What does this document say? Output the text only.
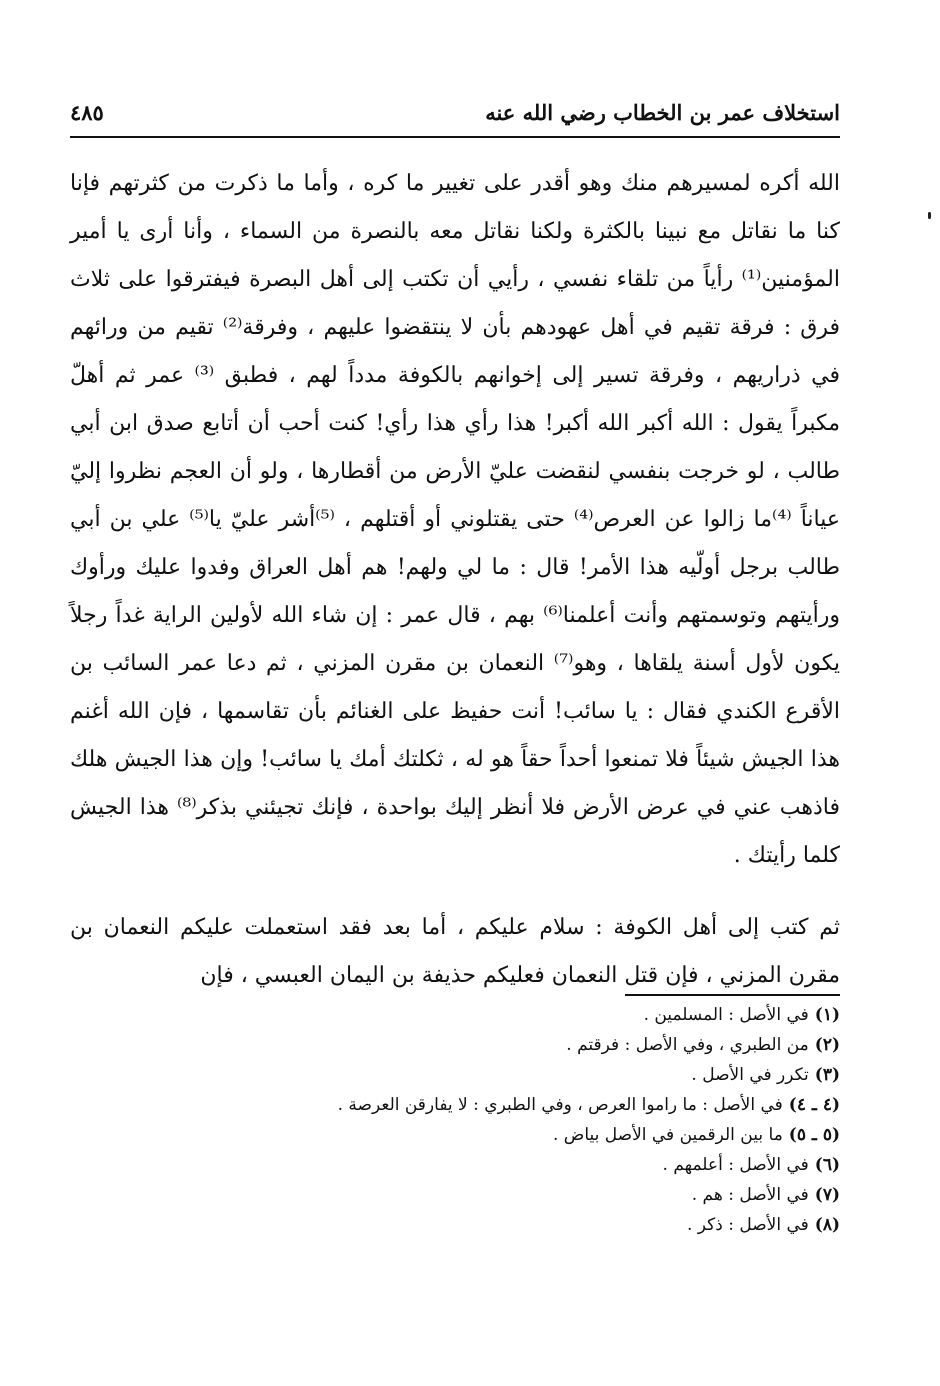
استخلاف عمر بن الخطاب رضي الله عنه
٤٨٥

الله أكره لمسيرهم منك وهو أقدر على تغيير ما كره ، وأما ما ذكرت من كثرتهم فإنا كنا ما نقاتل مع نبينا بالكثرة ولكنا نقاتل معه بالنصرة من السماء ، وأنا أرى يا أمير المؤمنين⁽¹⁾ رأياً من تلقاء نفسي ، رأيي أن تكتب إلى أهل البصرة فيفترقوا على ثلاث فرق : فرقة تقيم في أهل عهودهم بأن لا ينتقضوا عليهم ، وفرقة⁽²⁾ تقيم من ورائهم في ذراريهم ، وفرقة تسير إلى إخوانهم بالكوفة مدداً لهم ، فطبق ⁽³⁾ عمر ثم أهلّ مكبراً يقول : الله أكبر الله أكبر! هذا رأي هذا رأي! كنت أحب أن أتابع صدق ابن أبي طالب ، لو خرجت بنفسي لنقضت عليّ الأرض من أقطارها ، ولو أن العجم نظروا إليّ عياناً ⁽⁴⁾ما زالوا عن العرص⁽⁴⁾ حتى يقتلوني أو أقتلهم ، ⁽⁵⁾أشر عليّ يا⁽⁵⁾ علي بن أبي طالب برجل أولّيه هذا الأمر! قال : ما لي ولهم! هم أهل العراق وفدوا عليك ورأوك ورأيتهم وتوسمتهم وأنت أعلمنا⁽⁶⁾ بهم ، قال عمر : إن شاء الله لأولين الراية غداً رجلاً يكون لأول أسنة يلقاها ، وهو⁽⁷⁾ النعمان بن مقرن المزني ، ثم دعا عمر السائب بن الأقرع الكندي فقال : يا سائب! أنت حفيظ على الغنائم بأن تقاسمها ، فإن الله أغنم هذا الجيش شيئاً فلا تمنعوا أحداً حقاً هو له ، ثكلتك أمك يا سائب! وإن هذا الجيش هلك فاذهب عني في عرض الأرض فلا أنظر إليك بواحدة ، فإنك تجيئني بذكر⁽⁸⁾ هذا الجيش كلما رأيتك .

ثم كتب إلى أهل الكوفة : سلام عليكم ، أما بعد فقد استعملت عليكم النعمان بن مقرن المزني ، فإن قتل النعمان فعليكم حذيفة بن اليمان العبسي ، فإن

(١)في الأصل : المسلمين .

(٢)من الطبري ، وفي الأصل : فرقتم .

(٣)تكرر في الأصل .

(٤ ـ ٤)في الأصل : ما راموا العرص ، وفي الطبري : لا يفارقن العرصة .

(٥ ـ ٥)ما بين الرقمين في الأصل بياض .

(٦)في الأصل : أعلمهم .

(٧)في الأصل : هم .

(٨)في الأصل : ذكر .
